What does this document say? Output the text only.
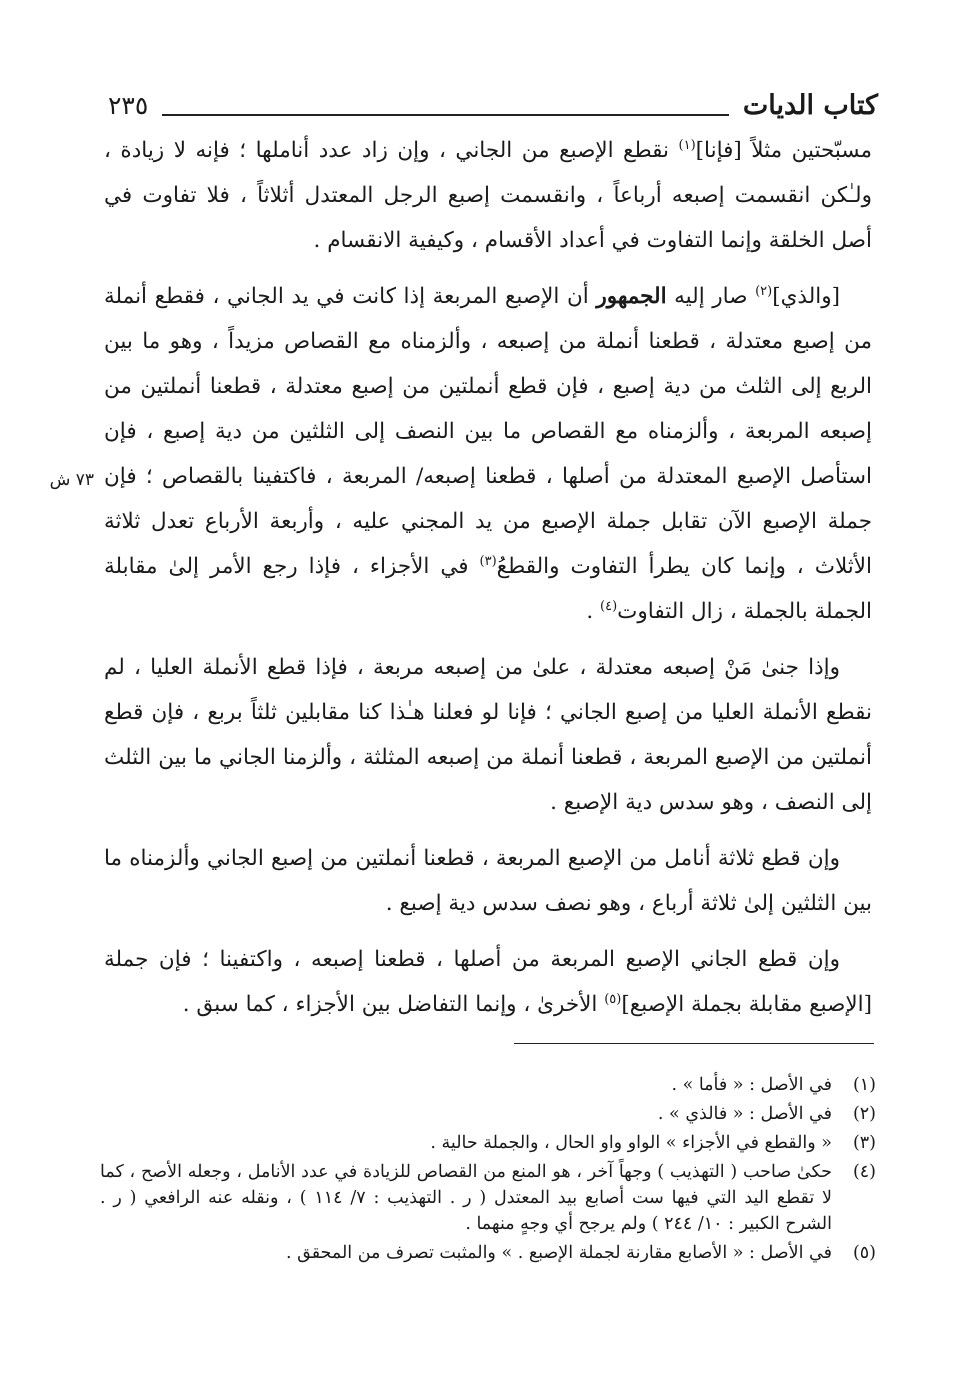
كتاب الديات
٢٣٥
٧٣ ش

مسبّحتين مثلاً [فإنا]$^{(١)}$ نقطع الإصبع من الجاني ، وإن زاد عدد أناملها ؛ فإنه لا زيادة ، ولـٰكن انقسمت إصبعه أرباعاً ، وانقسمت إصبع الرجل المعتدل أثلاثاً ، فلا تفاوت في أصل الخلقة وإنما التفاوت في أعداد الأقسام ، وكيفية الانقسام .

[والذي]$^{(٢)}$ صار إليه الجمهور أن الإصبع المربعة إذا كانت في يد الجاني ، فقطع أنملة من إصبع معتدلة ، قطعنا أنملة من إصبعه ، وألزمناه مع القصاص مزيداً ، وهو ما بين الربع إلى الثلث من دية إصبع ، فإن قطع أنملتين من إصبع معتدلة ، قطعنا أنملتين من إصبعه المربعة ، وألزمناه مع القصاص ما بين النصف إلى الثلثين من دية إصبع ، فإن استأصل الإصبع المعتدلة من أصلها ، قطعنا إصبعه/ المربعة ، فاكتفينا بالقصاص ؛ فإن جملة الإصبع الآن تقابل جملة الإصبع من يد المجني عليه ، وأربعة الأرباع تعدل ثلاثة الأثلاث ، وإنما كان يطرأ التفاوت والقطعُ$^{(٣)}$ في الأجزاء ، فإذا رجع الأمر إلىٰ مقابلة الجملة بالجملة ، زال التفاوت$^{(٤)}$ .

وإذا جنىٰ مَنْ إصبعه معتدلة ، علىٰ من إصبعه مربعة ، فإذا قطع الأنملة العليا ، لم نقطع الأنملة العليا من إصبع الجاني ؛ فإنا لو فعلنا هـٰذا كنا مقابلين ثلثاً بربع ، فإن قطع أنملتين من الإصبع المربعة ، قطعنا أنملة من إصبعه المثلثة ، وألزمنا الجاني ما بين الثلث إلى النصف ، وهو سدس دية الإصبع .

وإن قطع ثلاثة أنامل من الإصبع المربعة ، قطعنا أنملتين من إصبع الجاني وألزمناه ما بين الثلثين إلىٰ ثلاثة أرباع ، وهو نصف سدس دية إصبع .

وإن قطع الجاني الإصبع المربعة من أصلها ، قطعنا إصبعه ، واكتفينا ؛ فإن جملة [الإصبع مقابلة بجملة الإصبع]$^{(٥)}$ الأخرىٰ ، وإنما التفاضل بين الأجزاء ، كما سبق .

(١)
في الأصل : « فأما » .
(٢)
في الأصل : « فالذي » .
(٣)
« والقطع في الأجزاء » الواو واو الحال ، والجملة حالية .
(٤)
حكىٰ صاحب ( التهذيب ) وجهاً آخر ، هو المنع من القصاص للزيادة في عدد الأنامل ، وجعله الأصح ، كما لا تقطع اليد التي فيها ست أصابع بيد المعتدل ( ر . التهذيب : ٧/ ١١٤ ) ، ونقله عنه الرافعي ( ر . الشرح الكبير : ١٠/ ٢٤٤ ) ولم يرجح أي وجهٍ منهما .
(٥)
في الأصل : « الأصابع مقارنة لجملة الإصبع . » والمثبت تصرف من المحقق .
